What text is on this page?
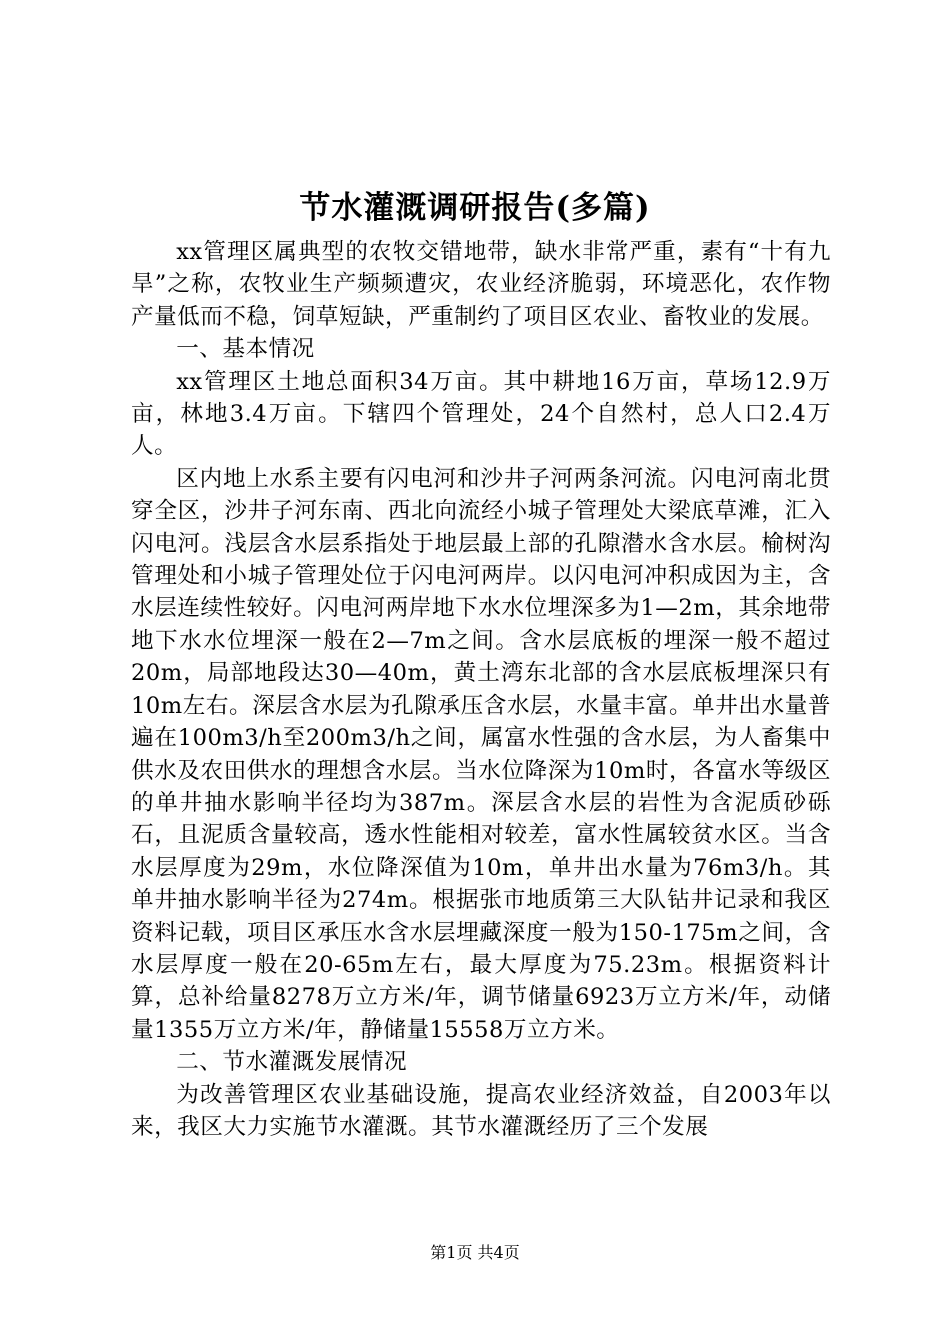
节水灌溉调研报告(多篇)

xx管理区属典型的农牧交错地带，缺水非常严重，素有“十有九旱”之称，农牧业生产频频遭灾，农业经济脆弱，环境恶化，农作物产量低而不稳，饲草短缺，严重制约了项目区农业、畜牧业的发展。

一、基本情况

xx管理区土地总面积34万亩。其中耕地16万亩，草场12.9万亩，林地3.4万亩。下辖四个管理处，24个自然村，总人口2.4万人。

区内地上水系主要有闪电河和沙井子河两条河流。闪电河南北贯穿全区，沙井子河东南、西北向流经小城子管理处大梁底草滩，汇入闪电河。浅层含水层系指处于地层最上部的孔隙潜水含水层。榆树沟管理处和小城子管理处位于闪电河两岸。以闪电河冲积成因为主，含水层连续性较好。闪电河两岸地下水水位埋深多为1—2m，其余地带地下水水位埋深一般在2—7m之间。含水层底板的埋深一般不超过20m，局部地段达30—40m，黄土湾东北部的含水层底板埋深只有10m左右。深层含水层为孔隙承压含水层，水量丰富。单井出水量普遍在100m3/h至200m3/h之间，属富水性强的含水层，为人畜集中供水及农田供水的理想含水层。当水位降深为10m时，各富水等级区的单井抽水影响半径均为387m。深层含水层的岩性为含泥质砂砾石，且泥质含量较高，透水性能相对较差，富水性属较贫水区。当含水层厚度为29m，水位降深值为10m，单井出水量为76m3/h。其单井抽水影响半径为274m。根据张市地质第三大队钻井记录和我区资料记载，项目区承压水含水层埋藏深度一般为150-175m之间，含水层厚度一般在20-65m左右，最大厚度为75.23m。根据资料计算，总补给量8278万立方米/年，调节储量6923万立方米/年，动储量1355万立方米/年，静储量15558万立方米。

二、节水灌溉发展情况

为改善管理区农业基础设施，提高农业经济效益，自2003年以来，我区大力实施节水灌溉。其节水灌溉经历了三个发展

第1页 共4页
